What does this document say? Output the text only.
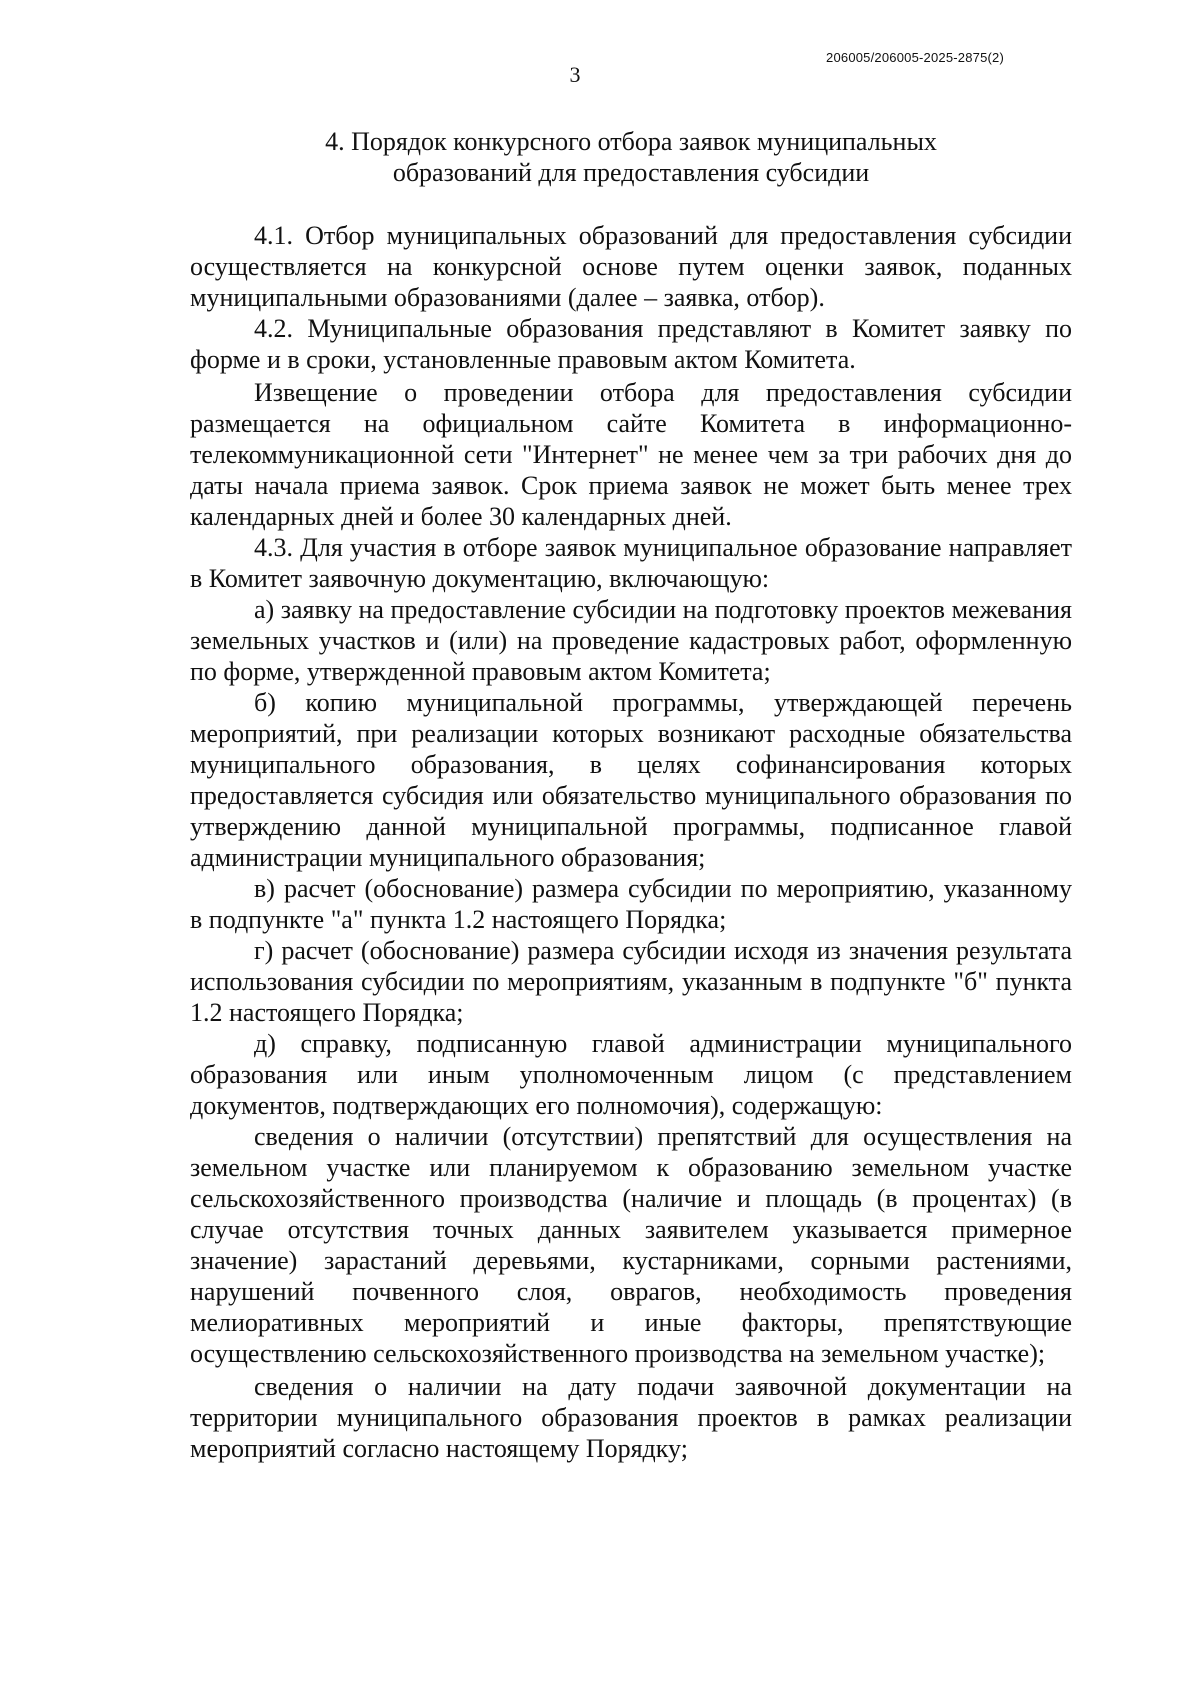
206005/206005-2025-2875(2)
3
4. Порядок конкурсного отбора заявок муниципальных
образований для предоставления субсидии

4.1. Отбор муниципальных образований для предоставления субсидии осуществляется на конкурсной основе путем оценки заявок, поданных муниципальными образованиями (далее – заявка, отбор).

4.2. Муниципальные образования представляют в Комитет заявку по форме и в сроки, установленные правовым актом Комитета.

Извещение о проведении отбора для предоставления субсидии размещается на официальном сайте Комитета в информационно-телекоммуникационной сети "Интернет" не менее чем за три рабочих дня до даты начала приема заявок. Срок приема заявок не может быть менее трех календарных дней и более 30 календарных дней.

4.3. Для участия в отборе заявок муниципальное образование направляет в Комитет заявочную документацию, включающую:

а) заявку на предоставление субсидии на подготовку проектов межевания земельных участков и (или) на проведение кадастровых работ, оформленную по форме, утвержденной правовым актом Комитета;

б) копию муниципальной программы, утверждающей перечень мероприятий, при реализации которых возникают расходные обязательства муниципального образования, в целях софинансирования которых предоставляется субсидия или обязательство муниципального образования по утверждению данной муниципальной программы, подписанное главой администрации муниципального образования;

в) расчет (обоснование) размера субсидии по мероприятию, указанному в подпункте "а" пункта 1.2 настоящего Порядка;

г) расчет (обоснование) размера субсидии исходя из значения результата использования субсидии по мероприятиям, указанным в подпункте "б" пункта 1.2 настоящего Порядка;

д) справку, подписанную главой администрации муниципального образования или иным уполномоченным лицом (с представлением документов, подтверждающих его полномочия), содержащую:

сведения о наличии (отсутствии) препятствий для осуществления на земельном участке или планируемом к образованию земельном участке сельскохозяйственного производства (наличие и площадь (в процентах) (в случае отсутствия точных данных заявителем указывается примерное значение) зарастаний деревьями, кустарниками, сорными растениями, нарушений почвенного слоя, оврагов, необходимость проведения мелиоративных мероприятий и иные факторы, препятствующие осуществлению сельскохозяйственного производства на земельном участке);

сведения о наличии на дату подачи заявочной документации на территории муниципального образования проектов в рамках реализации мероприятий согласно настоящему Порядку;
